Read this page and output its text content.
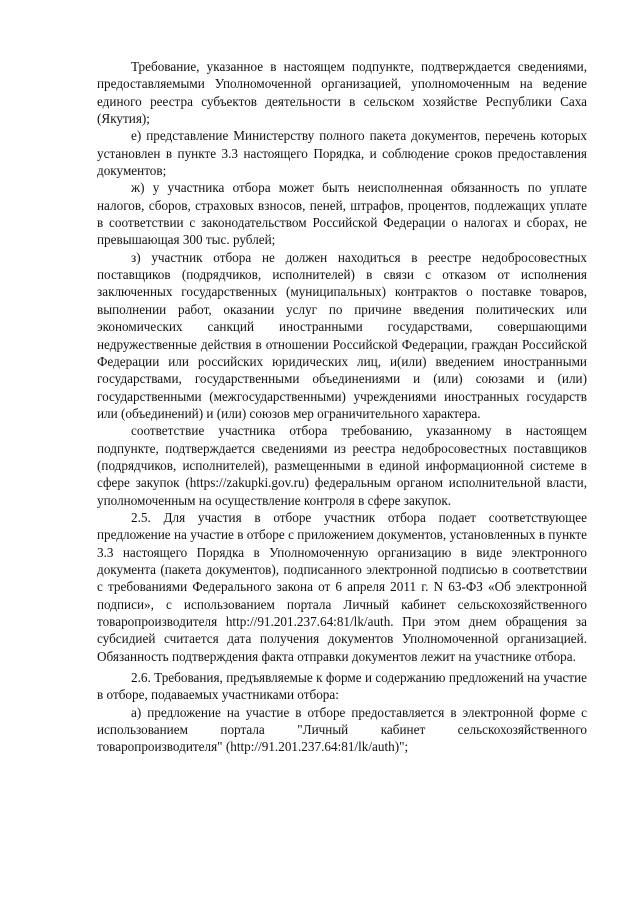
Требование, указанное в настоящем подпункте, подтверждается сведениями, предоставляемыми Уполномоченной организацией, уполномоченным на ведение единого реестра субъектов деятельности в сельском хозяйстве Республики Саха (Якутия);

е) представление Министерству полного пакета документов, перечень которых установлен в пункте 3.3 настоящего Порядка, и соблюдение сроков предоставления документов;

ж) у участника отбора может быть неисполненная обязанность по уплате налогов, сборов, страховых взносов, пеней, штрафов, процентов, подлежащих уплате в соответствии с законодательством Российской Федерации о налогах и сборах, не превышающая 300 тыс. рублей;

з) участник отбора не должен находиться в реестре недобросовестных поставщиков (подрядчиков, исполнителей) в связи с отказом от исполнения заключенных государственных (муниципальных) контрактов о поставке товаров, выполнении работ, оказании услуг по причине введения политических или экономических санкций иностранными государствами, совершающими недружественные действия в отношении Российской Федерации, граждан Российской Федерации или российских юридических лиц, и(или) введением иностранными государствами, государственными объединениями и (или) союзами и (или) государственными (межгосударственными) учреждениями иностранных государств или (объединений) и (или) союзов мер ограничительного характера.

соответствие участника отбора требованию, указанному в настоящем подпункте, подтверждается сведениями из реестра недобросовестных поставщиков (подрядчиков, исполнителей), размещенными в единой информационной системе в сфере закупок (https://zakupki.gov.ru) федеральным органом исполнительной власти, уполномоченным на осуществление контроля в сфере закупок.

2.5. Для участия в отборе участник отбора подает соответствующее предложение на участие в отборе с приложением документов, установленных в пункте 3.3 настоящего Порядка в Уполномоченную организацию в виде электронного документа (пакета документов), подписанного электронной подписью в соответствии с требованиями Федерального закона от 6 апреля 2011 г. N 63-ФЗ «Об электронной подписи», с использованием портала Личный кабинет сельскохозяйственного товаропроизводителя http://91.201.237.64:81/lk/auth. При этом днем обращения за субсидией считается дата получения документов Уполномоченной организацией. Обязанность подтверждения факта отправки документов лежит на участнике отбора.

2.6. Требования, предъявляемые к форме и содержанию предложений на участие в отборе, подаваемых участниками отбора:

а) предложение на участие в отборе предоставляется в электронной форме с использованием портала "Личный кабинет сельскохозяйственного товаропроизводителя" (http://91.201.237.64:81/lk/auth)";
